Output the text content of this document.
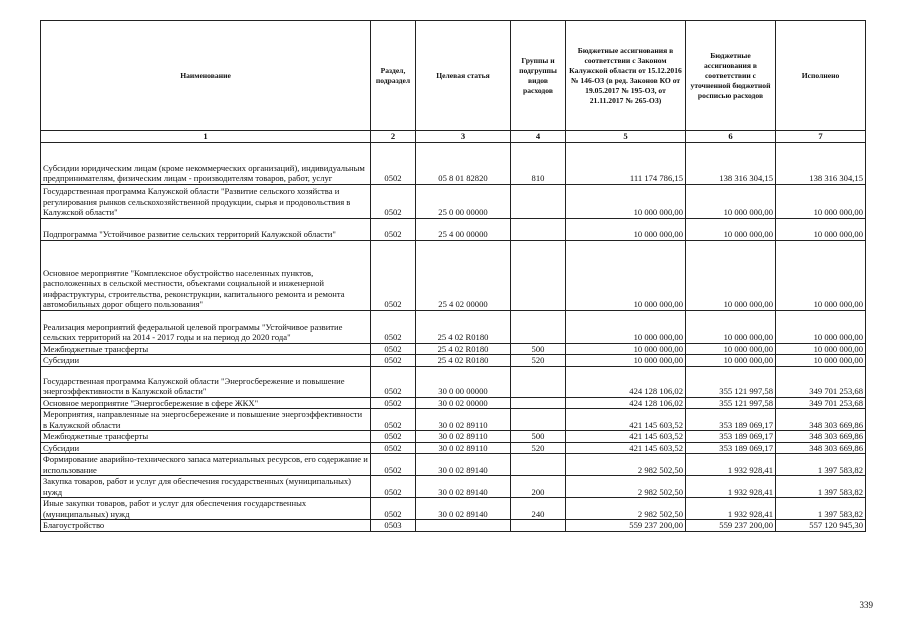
Наименование	Раздел, подраздел	Целевая статья	Группы и подгруппы видов расходов	Бюджетные ассигнования в соответствии с Законом Калужской области от 15.12.2016 № 146-ОЗ (в ред. Законов КО от 19.05.2017 № 195-ОЗ, от 21.11.2017 № 265-ОЗ)	Бюджетные ассигнования в соответствии с уточненной бюджетной росписью расходов	Исполнено
1	2	3	4	5	6	7
Субсидии юридическим лицам (кроме некоммерческих организаций), индивидуальным предпринимателям, физическим лицам - производителям товаров, работ, услуг	0502	05 8 01 82820	810	111 174 786,15	138 316 304,15	138 316 304,15
Государственная программа Калужской области "Развитие сельского хозяйства и регулирования рынков сельскохозяйственной продукции, сырья и продовольствия в Калужской области"	0502	25 0 00 00000		10 000 000,00	10 000 000,00	10 000 000,00
Подпрограмма "Устойчивое развитие сельских территорий Калужской области"	0502	25 4 00 00000		10 000 000,00	10 000 000,00	10 000 000,00
Основное мероприятие "Комплексное обустройство населенных пунктов, расположенных в сельской местности, объектами социальной и инженерной инфраструктуры, строительства, реконструкции, капитального ремонта и ремонта автомобильных дорог общего пользования"	0502	25 4 02 00000		10 000 000,00	10 000 000,00	10 000 000,00
Реализация мероприятий федеральной целевой программы "Устойчивое развитие сельских территорий на 2014 - 2017 годы и на период до 2020 года"	0502	25 4 02 R0180		10 000 000,00	10 000 000,00	10 000 000,00
Межбюджетные трансферты	0502	25 4 02 R0180	500	10 000 000,00	10 000 000,00	10 000 000,00
Субсидии	0502	25 4 02 R0180	520	10 000 000,00	10 000 000,00	10 000 000,00
Государственная программа Калужской области "Энергосбережение и повышение энергоэффективности в Калужской области"	0502	30 0 00 00000		424 128 106,02	355 121 997,58	349 701 253,68
Основное мероприятие "Энергосбережение в сфере ЖКХ"	0502	30 0 02 00000		424 128 106,02	355 121 997,58	349 701 253,68
Мероприятия, направленные на энергосбережение и повышение энергоэффективности в Калужской области	0502	30 0 02 89110		421 145 603,52	353 189 069,17	348 303 669,86
Межбюджетные трансферты	0502	30 0 02 89110	500	421 145 603,52	353 189 069,17	348 303 669,86
Субсидии	0502	30 0 02 89110	520	421 145 603,52	353 189 069,17	348 303 669,86
Формирование аварийно-технического запаса материальных ресурсов, его содержание и использование	0502	30 0 02 89140		2 982 502,50	1 932 928,41	1 397 583,82
Закупка товаров, работ и услуг для обеспечения государственных (муниципальных) нужд	0502	30 0 02 89140	200	2 982 502,50	1 932 928,41	1 397 583,82
Иные закупки товаров, работ и услуг для обеспечения государственных (муниципальных) нужд	0502	30 0 02 89140	240	2 982 502,50	1 932 928,41	1 397 583,82
Благоустройство	0503			559 237 200,00	559 237 200,00	557 120 945,30
339
